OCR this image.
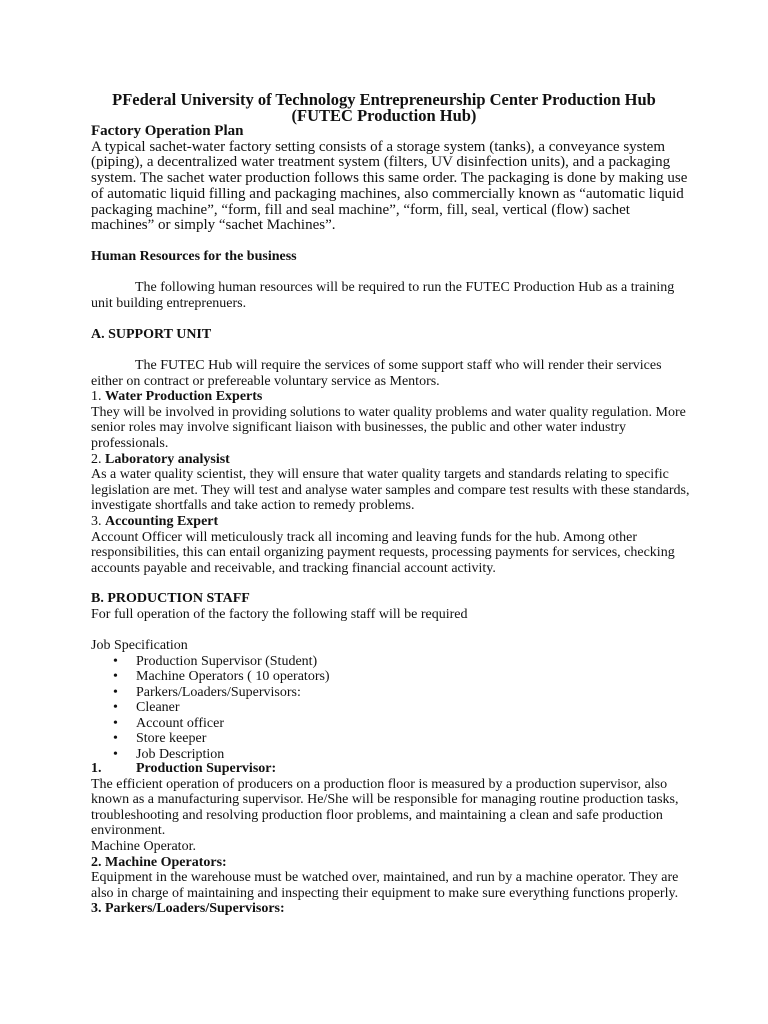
PFederal University of Technology Entrepreneurship Center Production Hub
(FUTEC Production Hub)

Factory Operation Plan

A typical sachet-water factory setting consists of a storage system (tanks), a conveyance system (piping), a decentralized water treatment system (filters, UV disinfection units), and a packaging system. The sachet water production follows this same order. The packaging is done by making use of automatic liquid filling and packaging machines, also commercially known as “automatic liquid packaging machine”, “form, fill and seal machine”, “form, fill, seal, vertical (flow) sachet machines” or simply “sachet Machines”.

Human Resources for the business

The following human resources will be required to run the FUTEC Production Hub as a training unit building entreprenuers.

A. SUPPORT UNIT

The FUTEC Hub will require the services of some support staff who will render their services either on contract or prefereable voluntary service as Mentors.

1. Water Production Experts

They will be involved in providing solutions to water quality problems and water quality regulation. More senior roles may involve significant liaison with businesses, the public and other water industry professionals.

2. Laboratory analysist

As a water quality scientist, they will ensure that water quality targets and standards relating to specific legislation are met. They will test and analyse water samples and compare test results with these standards, investigate shortfalls and take action to remedy problems.

3. Accounting Expert

Account Officer will meticulously track all incoming and leaving funds for the hub. Among other responsibilities, this can entail organizing payment requests, processing payments for services, checking accounts payable and receivable, and tracking financial account activity.

B. PRODUCTION STAFF

For full operation of the factory the following staff will be required

Job Specification

• Production Supervisor (Student)
• Machine Operators ( 10 operators)
• Parkers/Loaders/Supervisors:
• Cleaner
• Account officer
• Store keeper
• Job Description

1. Production Supervisor:

The efficient operation of producers on a production floor is measured by a production supervisor, also known as a manufacturing supervisor. He/She will be responsible for managing routine production tasks, troubleshooting and resolving production floor problems, and maintaining a clean and safe production environment.

Machine Operator.

2. Machine Operators:

Equipment in the warehouse must be watched over, maintained, and run by a machine operator. They are also in charge of maintaining and inspecting their equipment to make sure everything functions properly.

3. Parkers/Loaders/Supervisors:
